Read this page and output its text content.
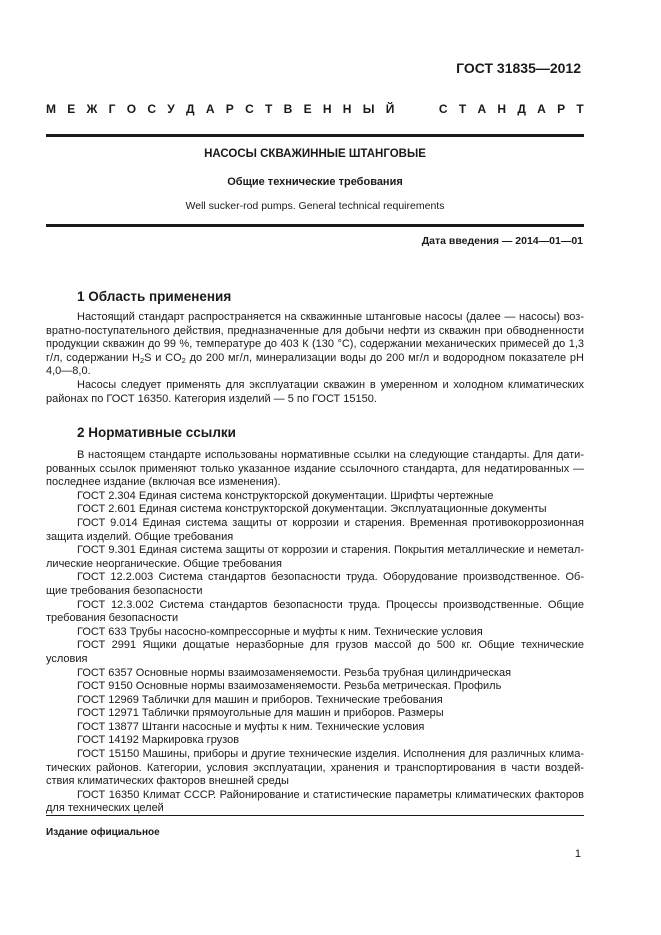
ГОСТ 31835—2012
М Е Ж Г О С У Д А Р С Т В Е Н Н Ы Й	С Т А Н Д А Р Т
НАСОСЫ СКВАЖИННЫЕ ШТАНГОВЫЕ
Общие технические требования
Well sucker-rod pumps. General technical requirements
Дата введения — 2014—01—01
1 Область применения

Настоящий стандарт распространяется на скважинные штанговые насосы (далее — насосы) возвратно-поступательного действия, предназначенные для добычи нефти из скважин при обводненности продукции скважин до 99 %, температуре до 403 К (130 °С), содержании механических примесей до 1,3 г/л, содержании $H_2S$ и $CO_2$ до 200 мг/л, минерализации воды до 200 мг/л и водородном показателе pH 4,0—8,0.

Насосы следует применять для эксплуатации скважин в умеренном и холодном климатических районах по ГОСТ 16350. Категория изделий — 5 по ГОСТ 15150.

2 Нормативные ссылки

В настоящем стандарте использованы нормативные ссылки на следующие стандарты. Для датированных ссылок применяют только указанное издание ссылочного стандарта, для недатированных — последнее издание (включая все изменения).

ГОСТ 2.304 Единая система конструкторской документации. Шрифты чертежные

ГОСТ 2.601 Единая система конструкторской документации. Эксплуатационные документы

ГОСТ 9.014 Единая система защиты от коррозии и старения. Временная противокоррозионная защита изделий. Общие требования

ГОСТ 9.301 Единая система защиты от коррозии и старения. Покрытия металлические и неметаллические неорганические. Общие требования

ГОСТ 12.2.003 Система стандартов безопасности труда. Оборудование производственное. Общие требования безопасности

ГОСТ 12.3.002 Система стандартов безопасности труда. Процессы производственные. Общие требования безопасности

ГОСТ 633 Трубы насосно-компрессорные и муфты к ним. Технические условия

ГОСТ 2991 Ящики дощатые неразборные для грузов массой до 500 кг. Общие технические условия

ГОСТ 6357 Основные нормы взаимозаменяемости. Резьба трубная цилиндрическая

ГОСТ 9150 Основные нормы взаимозаменяемости. Резьба метрическая. Профиль

ГОСТ 12969 Таблички для машин и приборов. Технические требования

ГОСТ 12971 Таблички прямоугольные для машин и приборов. Размеры

ГОСТ 13877 Штанги насосные и муфты к ним. Технические условия

ГОСТ 14192 Маркировка грузов

ГОСТ 15150 Машины, приборы и другие технические изделия. Исполнения для различных климатических районов. Категории, условия эксплуатации, хранения и транспортирования в части воздействия климатических факторов внешней среды

ГОСТ 16350 Климат СССР. Районирование и статистические параметры климатических факторов для технических целей

Издание официальное
1
